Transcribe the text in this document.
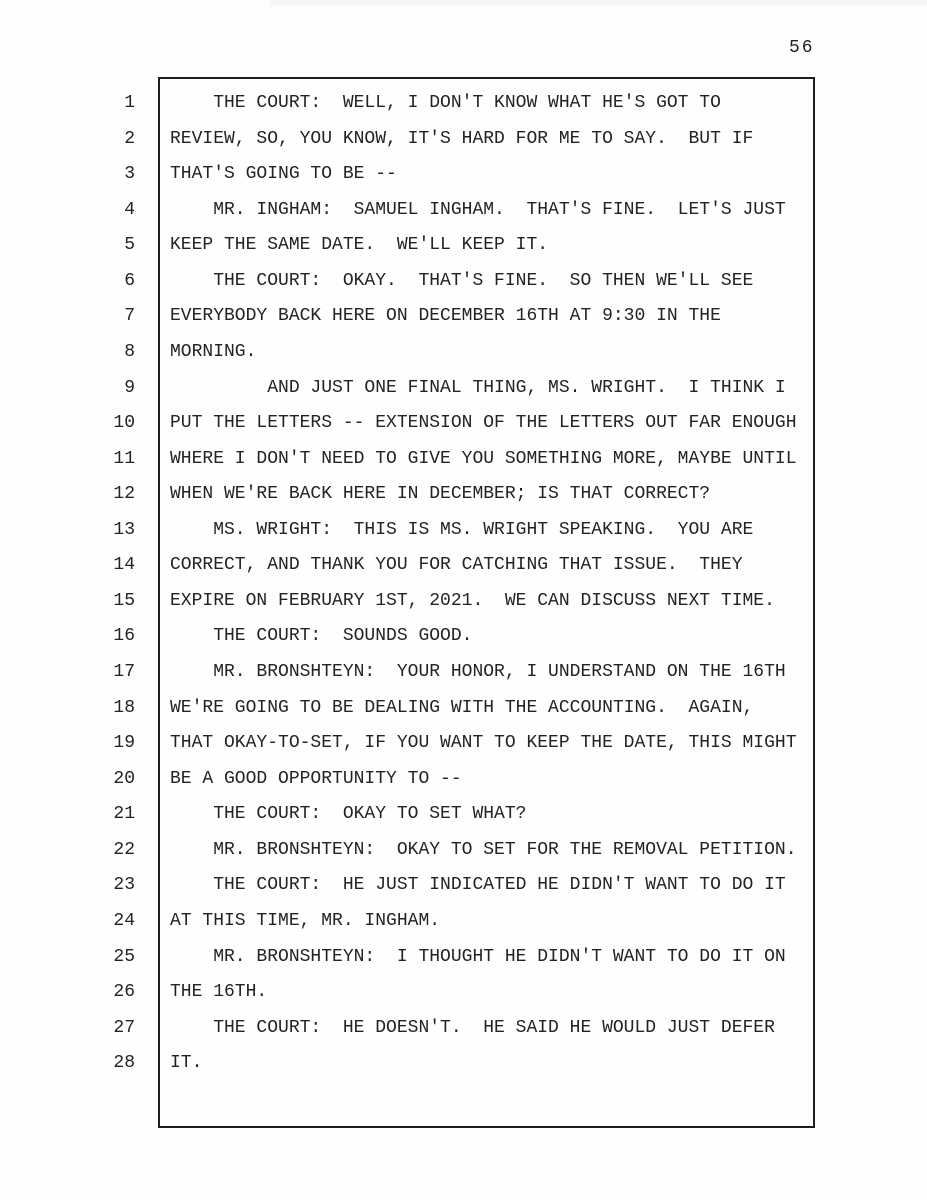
56
1 THE COURT:  WELL, I DON'T KNOW WHAT HE'S GOT TO
2 REVIEW, SO, YOU KNOW, IT'S HARD FOR ME TO SAY.  BUT IF
3 THAT'S GOING TO BE --
4 MR. INGHAM:  SAMUEL INGHAM.  THAT'S FINE.  LET'S JUST
5 KEEP THE SAME DATE.  WE'LL KEEP IT.
6 THE COURT:  OKAY.  THAT'S FINE.  SO THEN WE'LL SEE
7 EVERYBODY BACK HERE ON DECEMBER 16TH AT 9:30 IN THE
8 MORNING.
9 AND JUST ONE FINAL THING, MS. WRIGHT.  I THINK I
10 PUT THE LETTERS -- EXTENSION OF THE LETTERS OUT FAR ENOUGH
11 WHERE I DON'T NEED TO GIVE YOU SOMETHING MORE, MAYBE UNTIL
12 WHEN WE'RE BACK HERE IN DECEMBER; IS THAT CORRECT?
13 MS. WRIGHT:  THIS IS MS. WRIGHT SPEAKING.  YOU ARE
14 CORRECT, AND THANK YOU FOR CATCHING THAT ISSUE.  THEY
15 EXPIRE ON FEBRUARY 1ST, 2021.  WE CAN DISCUSS NEXT TIME.
16 THE COURT:  SOUNDS GOOD.
17 MR. BRONSHTEYN:  YOUR HONOR, I UNDERSTAND ON THE 16TH
18 WE'RE GOING TO BE DEALING WITH THE ACCOUNTING.  AGAIN,
19 THAT OKAY-TO-SET, IF YOU WANT TO KEEP THE DATE, THIS MIGHT
20 BE A GOOD OPPORTUNITY TO --
21 THE COURT:  OKAY TO SET WHAT?
22 MR. BRONSHTEYN:  OKAY TO SET FOR THE REMOVAL PETITION.
23 THE COURT:  HE JUST INDICATED HE DIDN'T WANT TO DO IT
24 AT THIS TIME, MR. INGHAM.
25 MR. BRONSHTEYN:  I THOUGHT HE DIDN'T WANT TO DO IT ON
26 THE 16TH.
27 THE COURT:  HE DOESN'T.  HE SAID HE WOULD JUST DEFER
28 IT.
